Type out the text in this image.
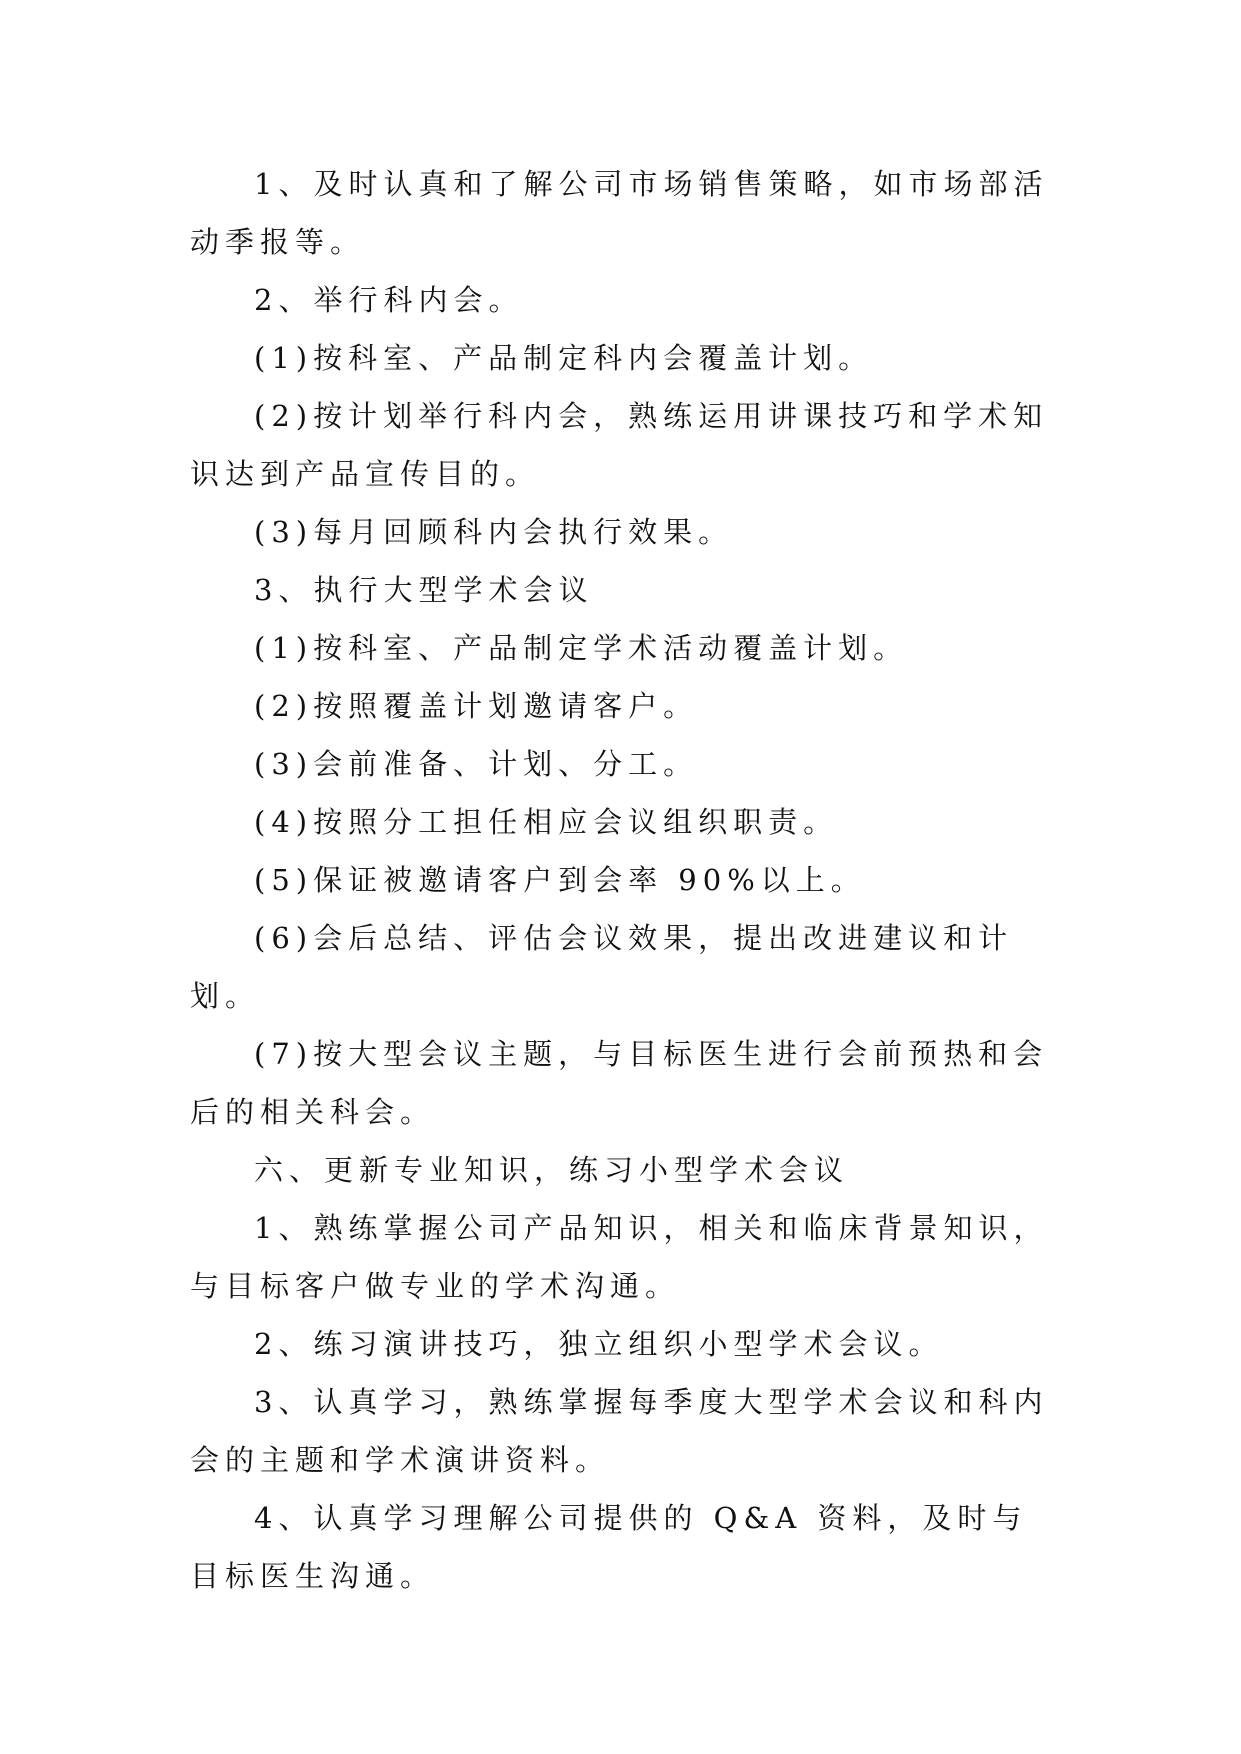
1、及时认真和了解公司市场销售策略，如市场部活动季报等。

2、举行科内会。

(1)按科室、产品制定科内会覆盖计划。

(2)按计划举行科内会，熟练运用讲课技巧和学术知识达到产品宣传目的。

(3)每月回顾科内会执行效果。

3、执行大型学术会议

(1)按科室、产品制定学术活动覆盖计划。

(2)按照覆盖计划邀请客户。

(3)会前准备、计划、分工。

(4)按照分工担任相应会议组织职责。

(5)保证被邀请客户到会率 90%以上。

(6)会后总结、评估会议效果，提出改进建议和计划。

(7)按大型会议主题，与目标医生进行会前预热和会后的相关科会。

六、更新专业知识，练习小型学术会议

1、熟练掌握公司产品知识，相关和临床背景知识，与目标客户做专业的学术沟通。

2、练习演讲技巧，独立组织小型学术会议。

3、认真学习，熟练掌握每季度大型学术会议和科内会的主题和学术演讲资料。

4、认真学习理解公司提供的 Q&A 资料，及时与目标医生沟通。
